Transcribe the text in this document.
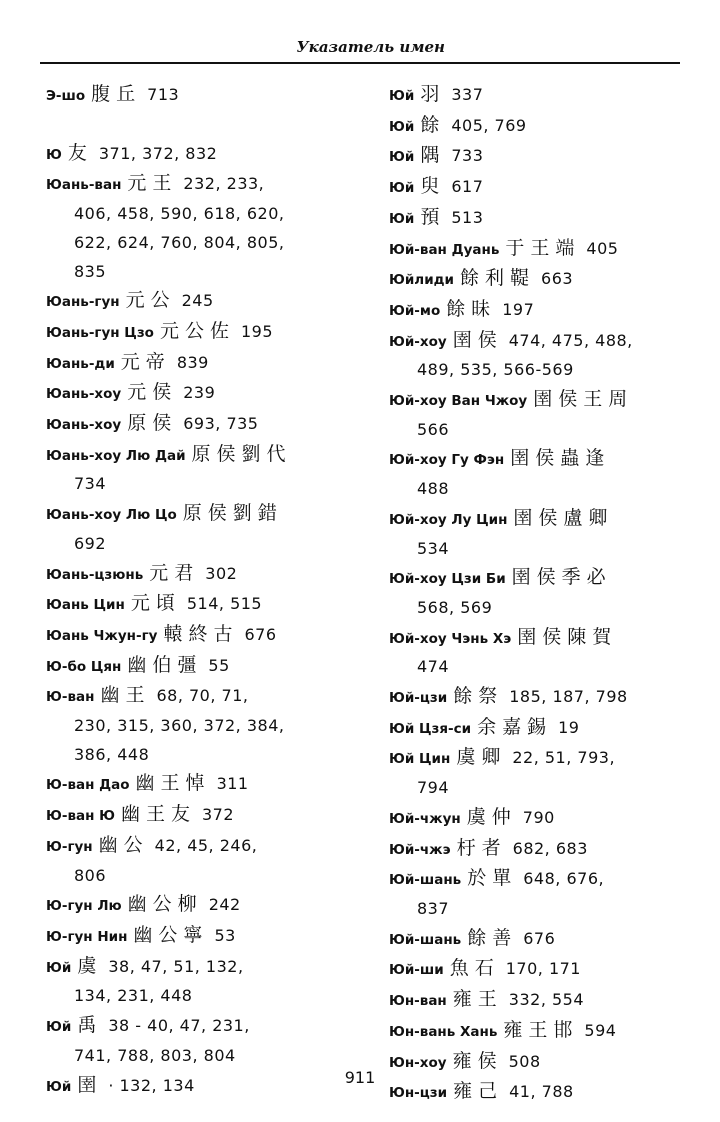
Указатель имен
Э-шо 腹丘 713
Ю 友 371, 372, 832
Юань-ван 元王 232, 233,
406, 458, 590, 618, 620,
622, 624, 760, 804, 805,
835
Юань-гун 元公 245
Юань-гун Цзо 元公佐 195
Юань-ди 元帝 839
Юань-хоу 元侯 239
Юань-хоу 原侯 693, 735
Юань-хоу Лю Дай 原侯劉代
734
Юань-хоу Лю Цо 原侯劉錯
692
Юань-цзюнь 元君 302
Юань Цин 元頃 514, 515
Юань Чжун-гу 轅終古 676
Ю-бо Цян 幽伯彊 55
Ю-ван 幽王 68, 70, 71,
230, 315, 360, 372, 384,
386, 448
Ю-ван Дао 幽王悼 311
Ю-ван Ю 幽王友 372
Ю-гун 幽公 42, 45, 246,
806
Ю-гун Лю 幽公柳 242
Ю-гун Нин 幽公寧 53
Юй 虞 38, 47, 51, 132,
134, 231, 448
Юй 禹 38 - 40, 47, 231,
741, 788, 803, 804
Юй 圉 · 132, 134
Юй 羽 337
Юй 餘 405, 769
Юй 隅 733
Юй 臾 617
Юй 預 513
Юй-ван Дуань 于王端 405
Юйлиди 餘利鞮 663
Юй-мо 餘昧 197
Юй-хоу 圉侯 474, 475, 488,
489, 535, 566-569
Юй-хоу Ван Чжоу 圉侯王周
566
Юй-хоу Гу Фэн 圉侯蟲逢
488
Юй-хоу Лу Цин 圉侯盧卿
534
Юй-хоу Цзи Би 圉侯季必
568, 569
Юй-хоу Чэнь Хэ 圉侯陳賀
474
Юй-цзи 餘祭 185, 187, 798
Юй Цзя-си 余嘉錫 19
Юй Цин 虞卿 22, 51, 793,
794
Юй-чжун 虞仲 790
Юй-чжэ 杅者 682, 683
Юй-шань 於單 648, 676,
837
Юй-шань 餘善 676
Юй-ши 魚石 170, 171
Юн-ван 雍王 332, 554
Юн-вань Хань 雍王邯 594
Юн-хоу 雍侯 508
Юн-цзи 雍己 41, 788
911
